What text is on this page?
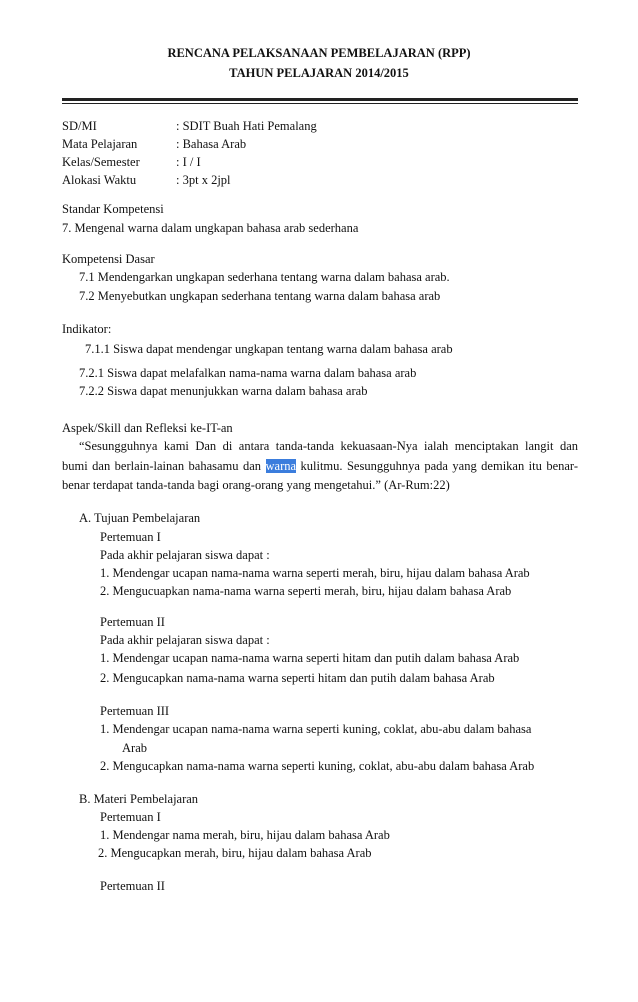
RENCANA PELAKSANAAN PEMBELAJARAN (RPP)
TAHUN PELAJARAN 2014/2015
SD/MI	: SDIT Buah Hati Pemalang
Mata Pelajaran	: Bahasa Arab
Kelas/Semester	: I / I
Alokasi Waktu	: 3pt x 2jpl
Standar Kompetensi
7. Mengenal warna dalam ungkapan bahasa arab sederhana
Kompetensi Dasar
7.1 Mendengarkan ungkapan sederhana tentang warna dalam bahasa arab.
7.2 Menyebutkan ungkapan sederhana tentang warna dalam bahasa arab
Indikator:
7.1.1 Siswa dapat mendengar ungkapan tentang warna dalam bahasa arab
7.2.1 Siswa dapat melafalkan nama-nama warna dalam bahasa arab
7.2.2 Siswa dapat menunjukkan warna dalam bahasa arab
Aspek/Skill dan Refleksi ke-IT-an
“Sesungguhnya kami Dan di antara tanda-tanda kekuasaan-Nya ialah menciptakan langit dan
bumi dan berlain-lainan bahasamu dan warna kulitmu. Sesungguhnya pada yang demikan itu benar-
benar terdapat tanda-tanda bagi orang-orang yang mengetahui.” (Ar-Rum:22)
A. Tujuan Pembelajaran
Pertemuan I
Pada akhir pelajaran siswa dapat :
1. Mendengar ucapan nama-nama warna seperti merah, biru, hijau dalam bahasa Arab
2. Mengucuapkan nama-nama warna seperti merah, biru, hijau dalam bahasa Arab
Pertemuan II
Pada akhir pelajaran siswa dapat :
1. Mendengar ucapan nama-nama warna seperti hitam dan putih dalam bahasa Arab
2. Mengucapkan nama-nama warna seperti hitam dan putih dalam bahasa Arab
Pertemuan III
1. Mendengar ucapan nama-nama warna seperti kuning, coklat, abu-abu dalam bahasa
Arab
2. Mengucapkan nama-nama warna seperti kuning, coklat, abu-abu dalam bahasa Arab
B. Materi Pembelajaran
Pertemuan I
1. Mendengar nama merah, biru, hijau dalam bahasa Arab
2. Mengucapkan merah, biru, hijau dalam bahasa Arab
Pertemuan II
